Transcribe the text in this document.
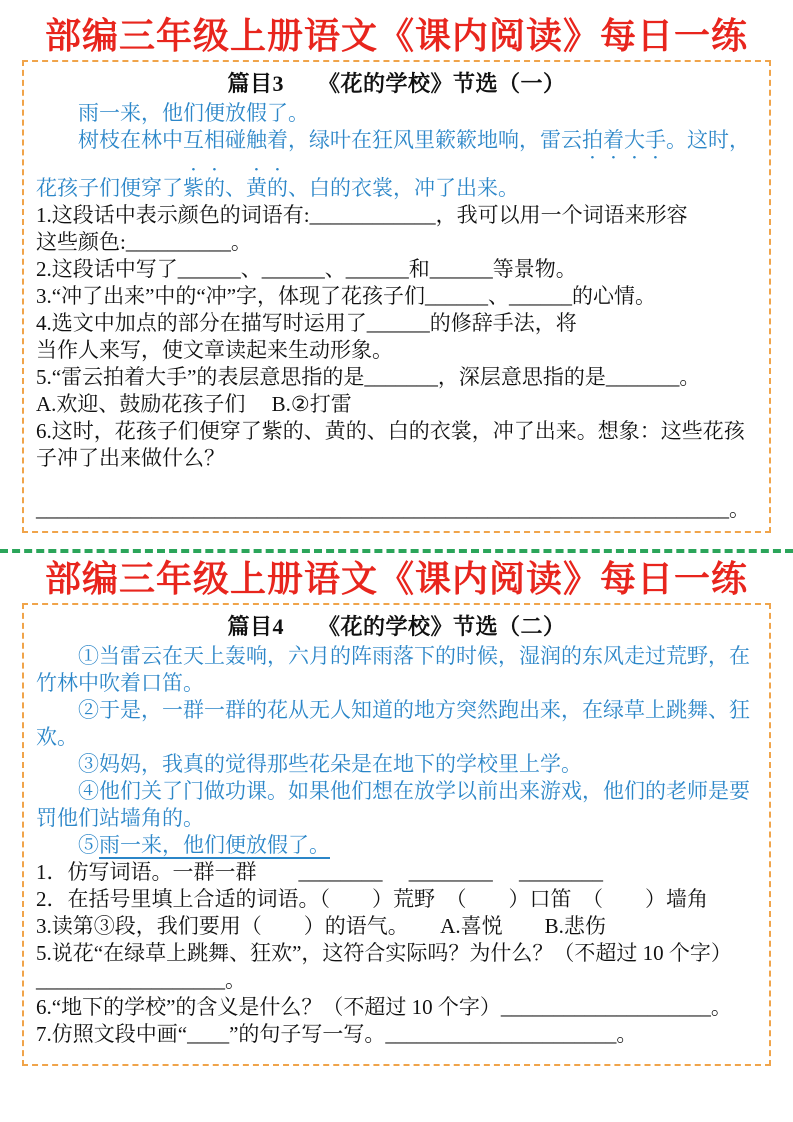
部编三年级上册语文《课内阅读》每日一练
篇目3　　《花的学校》节选（一）

雨一来，他们便放假了。

树枝在林中互相碰触着，绿叶在狂风里簌簌地响，雷云拍着大手。这时，花孩子们便穿了紫的、黄的、白的衣裳，冲了出来。

1.这段话中表示颜色的词语有:____________，我可以用一个词语来形容
这些颜色:__________。
2.这段话中写了______、______、______和______等景物。
3.“冲了出来”中的“冲”字，体现了花孩子们______、______的心情。
4.选文中加点的部分在描写时运用了______的修辞手法，将
当作人来写，使文章读起来生动形象。
5.“雷云拍着大手”的表层意思指的是_______，深层意思指的是_______。
A.欢迎、鼓励花孩子们　 B.②打雷
6.这时，花孩子们便穿了紫的、黄的、白的衣裳，冲了出来。想象：这些花孩子冲了出来做什么？
__________________________________________________________________。
部编三年级上册语文《课内阅读》每日一练
篇目4　　《花的学校》节选（二）

①当雷云在天上轰响，六月的阵雨落下的时候，湿润的东风走过荒野，在竹林中吹着口笛。

②于是，一群一群的花从无人知道的地方突然跑出来，在绿草上跳舞、狂欢。

③妈妈，我真的觉得那些花朵是在地下的学校里上学。

④他们关了门做功课。如果他们想在放学以前出来游戏，他们的老师是要罚他们站墙角的。

⑤雨一来，他们便放假了。

1．仿写词语。一群一群　　________　 ________　 ________
2．在括号里填上合适的词语。（　　）荒野　（　　）口笛　（　　）墙角
3.读第③段，我们要用（　　）的语气。　　A.喜悦　　B.悲伤
5.说花“在绿草上跳舞、狂欢”，这符合实际吗？为什么？（不超过 10 个字）
__________________。
6.“地下的学校”的含义是什么？（不超过 10 个字）____________________。
7.仿照文段中画“____”的句子写一写。______________________。
